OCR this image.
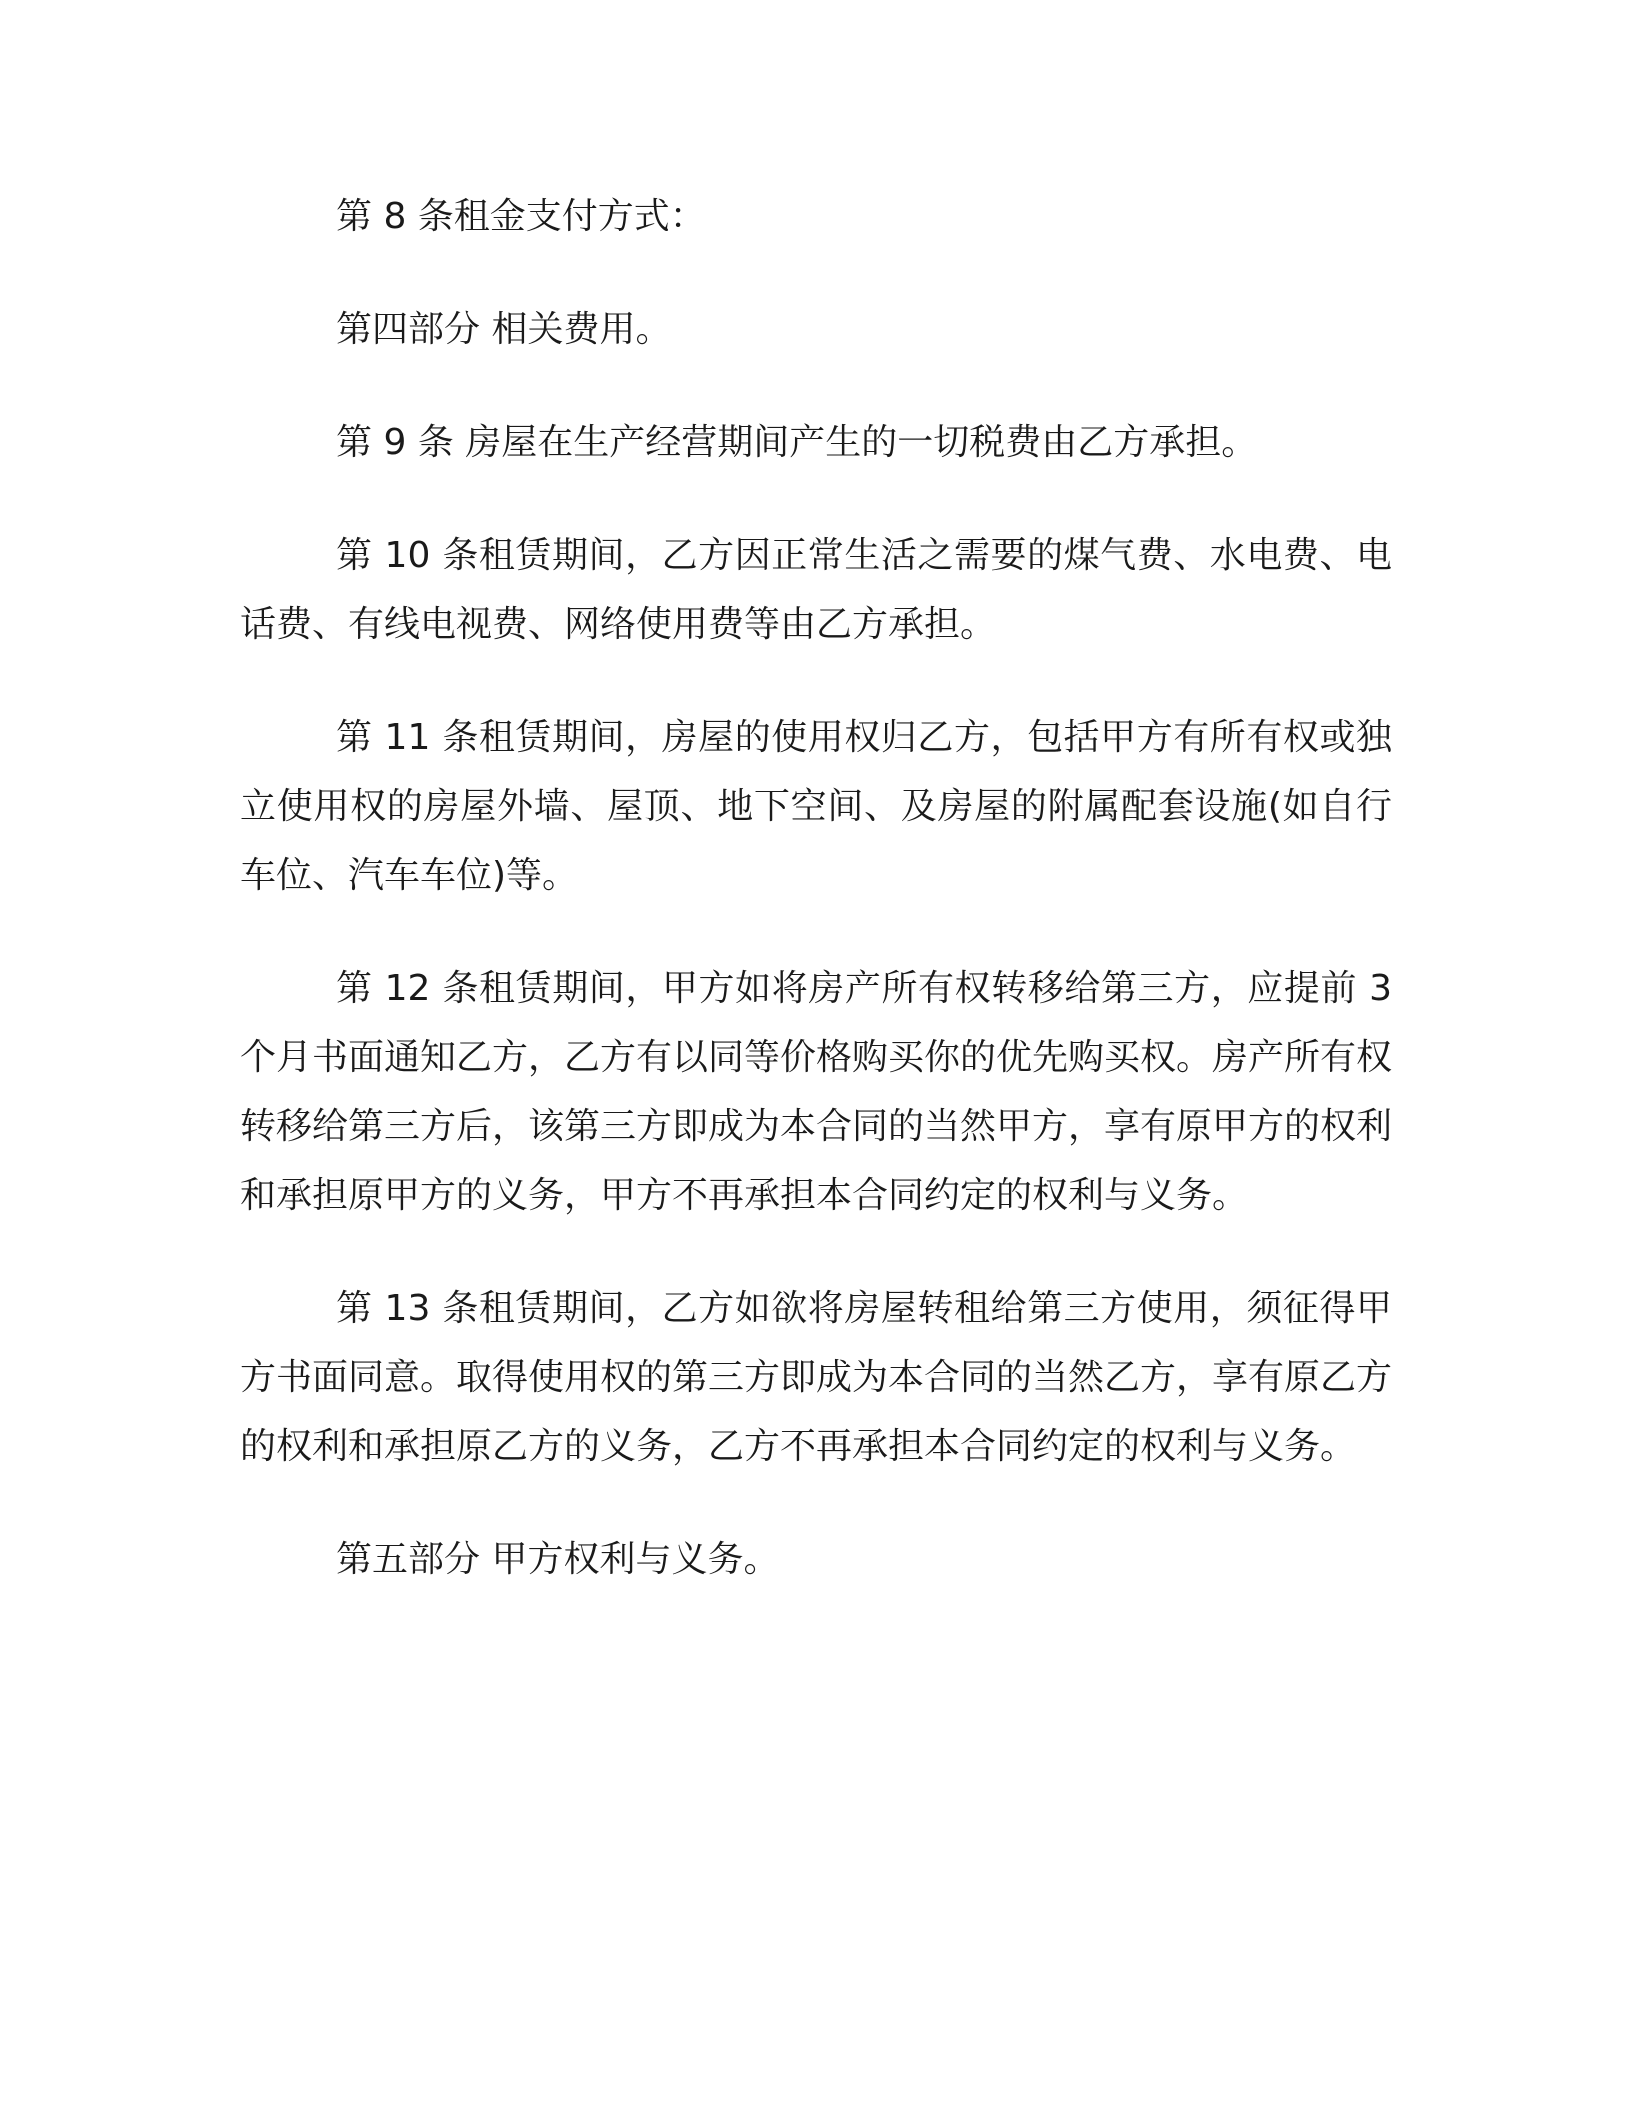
第 8 条租金支付方式：

第四部分 相关费用。

第 9 条 房屋在生产经营期间产生的一切税费由乙方承担。

第 10 条租赁期间，乙方因正常生活之需要的煤气费、水电费、电话费、有线电视费、网络使用费等由乙方承担。

第 11 条租赁期间，房屋的使用权归乙方，包括甲方有所有权或独立使用权的房屋外墙、屋顶、地下空间、及房屋的附属配套设施(如自行车位、汽车车位)等。

第 12 条租赁期间，甲方如将房产所有权转移给第三方，应提前 3 个月书面通知乙方，乙方有以同等价格购买你的优先购买权。房产所有权转移给第三方后，该第三方即成为本合同的当然甲方，享有原甲方的权利和承担原甲方的义务，甲方不再承担本合同约定的权利与义务。

第 13 条租赁期间，乙方如欲将房屋转租给第三方使用，须征得甲方书面同意。取得使用权的第三方即成为本合同的当然乙方，享有原乙方的权利和承担原乙方的义务，乙方不再承担本合同约定的权利与义务。

第五部分 甲方权利与义务。
